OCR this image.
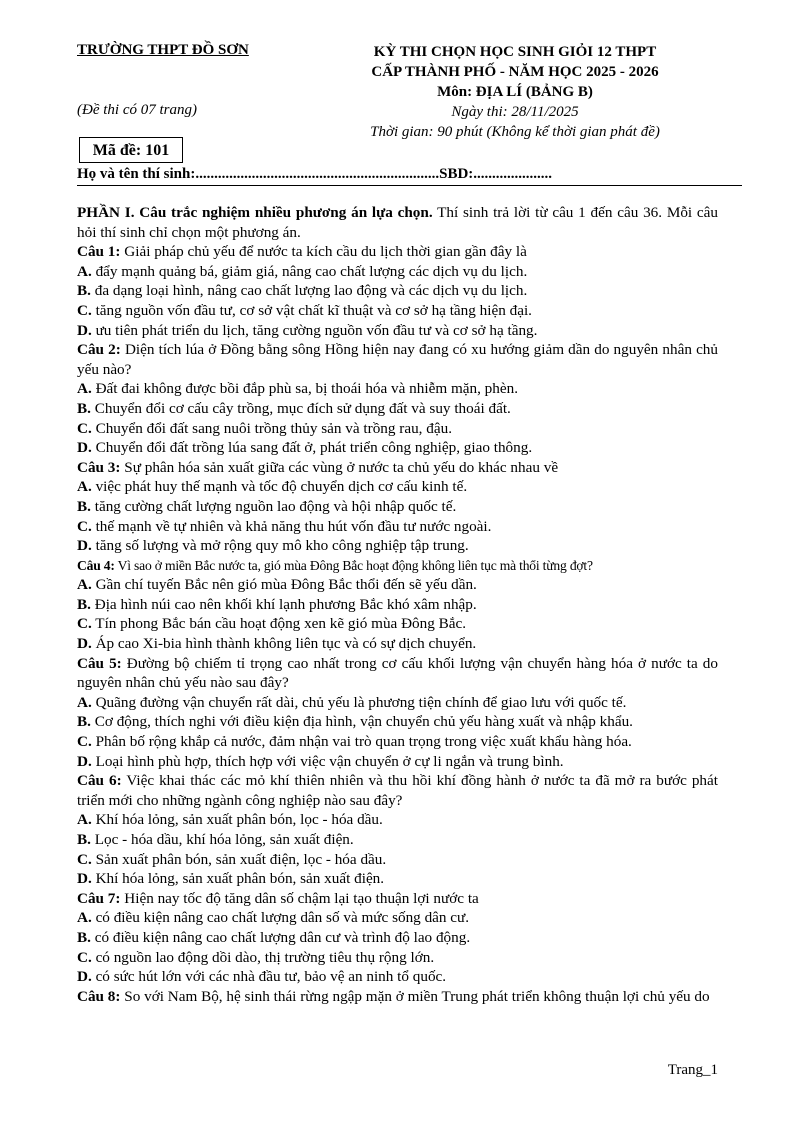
TRƯỜNG THPT ĐỒ SƠN
(Đề thi có 07 trang)
KỲ THI CHỌN HỌC SINH GIỎI 12 THPT
CẤP THÀNH PHỐ - NĂM HỌC 2025 - 2026
Môn: ĐỊA LÍ (BẢNG B)
Ngày thi: 28/11/2025
Thời gian: 90 phút (Không kể thời gian phát đề)
Mã đề: 101
Họ và tên thí sinh:.................................................................SBD:.....................

PHẦN I. Câu trắc nghiệm nhiều phương án lựa chọn. Thí sinh trả lời từ câu 1 đến câu 36. Mỗi câu hỏi thí sinh chỉ chọn một phương án.

Câu 1: Giải pháp chủ yếu để nước ta kích cầu du lịch thời gian gần đây là

A. đẩy mạnh quảng bá, giảm giá, nâng cao chất lượng các dịch vụ du lịch.

B. đa dạng loại hình, nâng cao chất lượng lao động và các dịch vụ du lịch.

C. tăng nguồn vốn đầu tư, cơ sở vật chất kĩ thuật và cơ sở hạ tầng hiện đại.

D. ưu tiên phát triển du lịch, tăng cường nguồn vốn đầu tư và cơ sở hạ tầng.

Câu 2: Diện tích lúa ở Đồng bằng sông Hồng hiện nay đang có xu hướng giảm dần do nguyên nhân chủ yếu nào?

A. Đất đai không được bồi đắp phù sa, bị thoái hóa và nhiễm mặn, phèn.

B. Chuyển đổi cơ cấu cây trồng, mục đích sử dụng đất và suy thoái đất.

C. Chuyển đổi đất sang nuôi trồng thủy sản và trồng rau, đậu.

D. Chuyển đổi đất trồng lúa sang đất ở, phát triển công nghiệp, giao thông.

Câu 3: Sự phân hóa sản xuất giữa các vùng ở nước ta chủ yếu do khác nhau về

A. việc phát huy thế mạnh và tốc độ chuyển dịch cơ cấu kinh tế.

B. tăng cường chất lượng nguồn lao động và hội nhập quốc tế.

C. thế mạnh về tự nhiên và khả năng thu hút vốn đầu tư nước ngoài.

D. tăng số lượng và mở rộng quy mô kho công nghiệp tập trung.

Câu 4: Vì sao ở miền Bắc nước ta, gió mùa Đông Bắc hoạt động không liên tục mà thổi từng đợt?

A. Gần chí tuyến Bắc nên gió mùa Đông Bắc thổi đến sẽ yếu dần.

B. Địa hình núi cao nên khối khí lạnh phương Bắc khó xâm nhập.

C. Tín phong Bắc bán cầu hoạt động xen kẽ gió mùa Đông Bắc.

D. Áp cao Xi-bia hình thành không liên tục và có sự dịch chuyển.

Câu 5: Đường bộ chiếm tỉ trọng cao nhất trong cơ cấu khối lượng vận chuyển hàng hóa ở nước ta do nguyên nhân chủ yếu nào sau đây?

A. Quãng đường vận chuyển rất dài, chủ yếu là phương tiện chính để giao lưu với quốc tế.

B. Cơ động, thích nghi với điều kiện địa hình, vận chuyển chủ yếu hàng xuất và nhập khẩu.

C. Phân bố rộng khắp cả nước, đảm nhận vai trò quan trọng trong việc xuất khẩu hàng hóa.

D. Loại hình phù hợp, thích hợp với việc vận chuyển ở cự li ngắn và trung bình.

Câu 6: Việc khai thác các mỏ khí thiên nhiên và thu hồi khí đồng hành ở nước ta đã mở ra bước phát triển mới cho những ngành công nghiệp nào sau đây?

A. Khí hóa lỏng, sản xuất phân bón, lọc - hóa dầu.

B. Lọc - hóa dầu, khí hóa lỏng, sản xuất điện.

C. Sản xuất phân bón, sản xuất điện, lọc - hóa dầu.

D. Khí hóa lỏng, sản xuất phân bón, sản xuất điện.

Câu 7: Hiện nay tốc độ tăng dân số chậm lại tạo thuận lợi nước ta

A. có điều kiện nâng cao chất lượng dân số và mức sống dân cư.

B. có điều kiện nâng cao chất lượng dân cư và trình độ lao động.

C. có nguồn lao động dồi dào, thị trường tiêu thụ rộng lớn.

D. có sức hút lớn với các nhà đầu tư, bảo vệ an ninh tổ quốc.

Câu 8: So với Nam Bộ, hệ sinh thái rừng ngập mặn ở miền Trung phát triển không thuận lợi chủ yếu do

Trang_1
